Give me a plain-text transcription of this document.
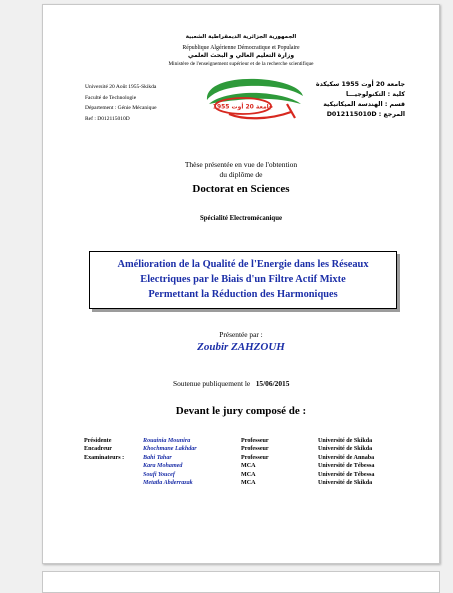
الجمهورية الجزائرية الديمقراطية الشعبية
République Algérienne Démocratique et Populaire
وزارة التعليم العالي و البحث العلمي
Ministère de l'enseignement supérieur et de la recherche scientifique
Université 20 Août 1955-Skikda
Faculté de Technologie
Département : Génie Mécanique
Ref : D012115010D
جامعة 20 أوت 1955
جامعة 20 أوت 1955 سكيكدة
كلية : التكنولوجيـــا
قسم : الهندسة الميكانيكية
المرجع : D012115010D
Thèse présentée en vue de l'obtention
du diplôme de
Doctorat en Sciences
Spécialité Electromécanique
Amélioration de la Qualité de l'Energie dans les Réseaux
Electriques par le Biais d'un Filtre Actif Mixte
Permettant la Réduction des Harmoniques
Présentée par :
Zoubir ZAHZOUH
Soutenue publiquement le 15/06/2015
Devant le jury composé de :
Présidente	Rouainia Mounira	Professeur	Université de Skikda
Encadreur	Khochmane Lakhdar	Professeur	Université de Skikda
Examinateurs :	Bahi Tahar	Professeur	Université de Annaba
	Kara Mohamed	MCA	Université de Tébessa
	Soufi Youcef	MCA	Université de Tébessa
	Metatla Abderrazak	MCA	Université de Skikda
